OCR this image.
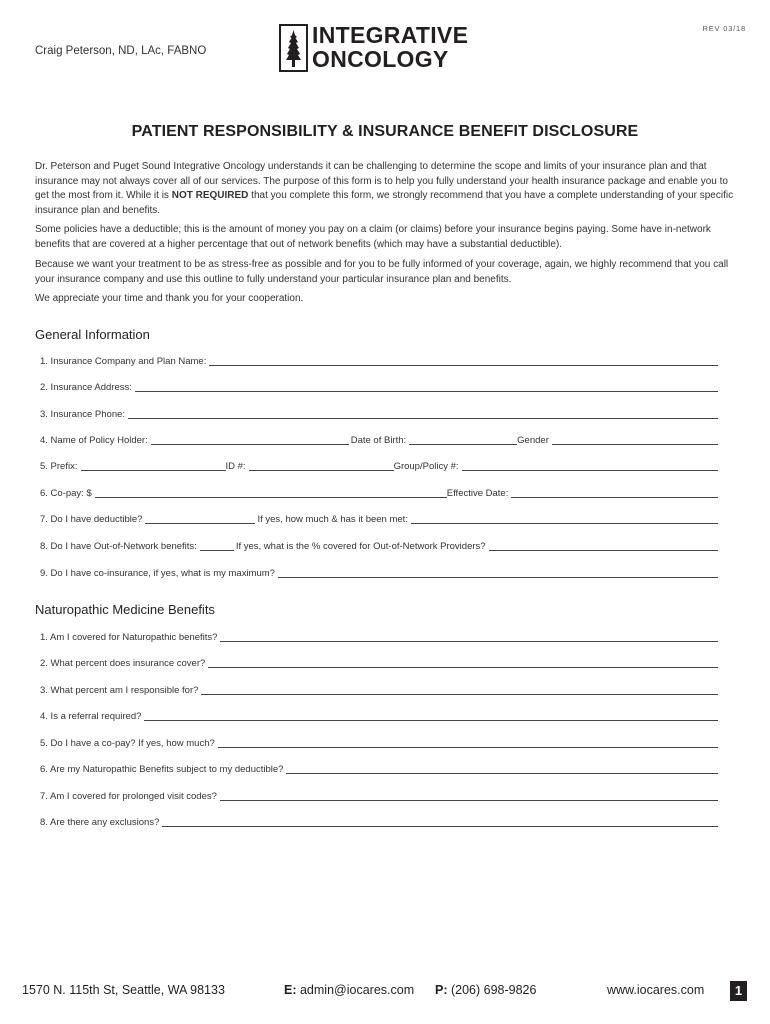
REV 03/18
Craig Peterson, ND, LAc, FABNO
INTEGRATIVE
ONCOLOGY
PATIENT RESPONSIBILITY & INSURANCE BENEFIT DISCLOSURE
Dr. Peterson and Puget Sound Integrative Oncology understands it can be challenging to determine the scope and limits of your insurance plan and that insurance may not always cover all of our services. The purpose of this form is to help you fully understand your health insurance package and enable you to get the most from it. While it is NOT REQUIRED that you complete this form, we strongly recommend that you have a complete understanding of your specific insurance plan and benefits.
Some policies have a deductible; this is the amount of money you pay on a claim (or claims) before your insurance begins paying. Some have in-network benefits that are covered at a higher percentage that out of network benefits (which may have a substantial deductible).
Because we want your treatment to be as stress-free as possible and for you to be fully informed of your coverage, again, we highly recommend that you call your insurance company and use this outline to fully understand your particular insurance plan and benefits.
We appreciate your time and thank you for your cooperation.
General Information
1. Insurance Company and Plan Name:
2. Insurance Address:
3. Insurance Phone:
4. Name of Policy Holder:	Date of Birth:	Gender
5. Prefix:	ID #:	Group/Policy #:
6. Co-pay: $	Effective Date:
7. Do I have deductible?	If yes, how much & has it been met:
8. Do I have Out-of-Network benefits:	If yes, what is the % covered for Out-of-Network Providers?
9. Do I have co-insurance, if yes, what is my maximum?
Naturopathic Medicine Benefits
1. Am I covered for Naturopathic benefits?
2. What percent does insurance cover?
3. What percent am I responsible for?
4. Is a referral required?
5. Do I have a co-pay? If yes, how much?
6. Are my Naturopathic Benefits subject to my deductible?
7. Am I covered for prolonged visit codes?
8. Are there any exclusions?
1570 N. 115th St, Seattle, WA 98133	E: admin@iocares.com P: (206) 698-9826	www.iocares.com	1
